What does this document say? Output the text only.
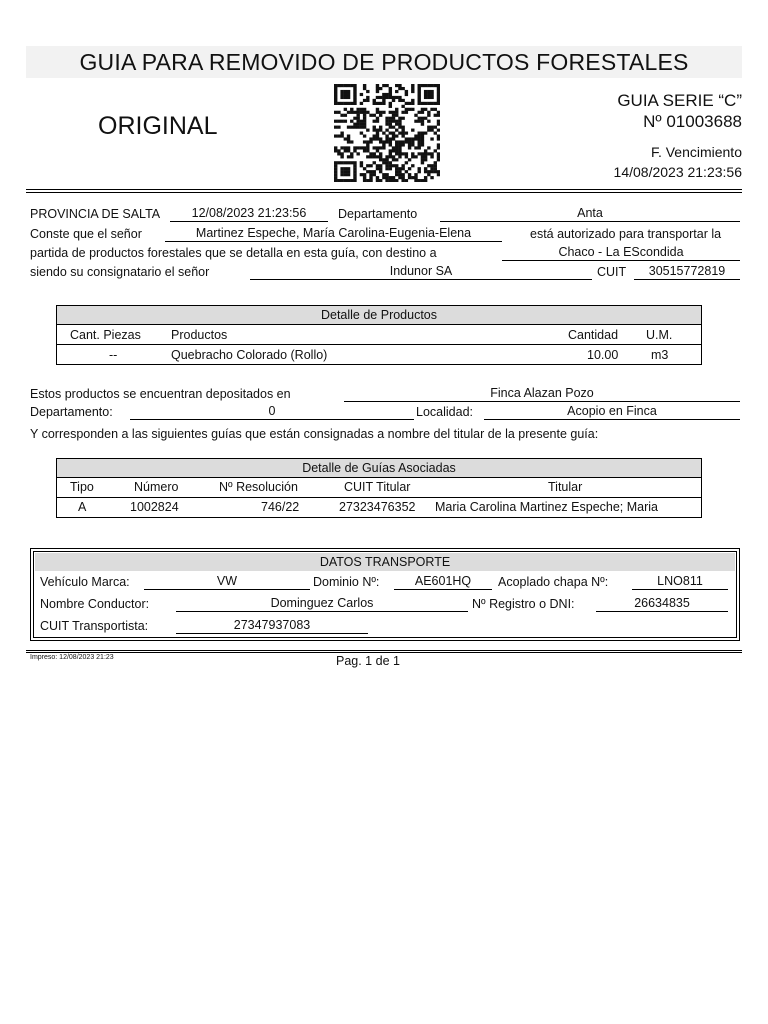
GUIA PARA REMOVIDO DE PRODUCTOS FORESTALES
ORIGINAL
GUIA SERIE “C”
Nº 01003688
F. Vencimiento
14/08/2023 21:23:56
PROVINCIA DE SALTA	12/08/2023 21:23:56	Departamento	Anta
Conste que el señor	Martinez Espeche, María Carolina-Eugenia-Elena	está autorizado para transportar la
partida de productos forestales que se detalla en esta guía, con destino a	Chaco - La EScondida
siendo su consignatario el señor	Indunor SA	CUIT	30515772819
Detalle de Productos
Cant. Piezas Productos	Cantidad U.M.
--	Quebracho Colorado (Rollo)	10.00	m3
Estos productos se encuentran depositados en	Finca Alazan Pozo
Departamento:	0	Localidad:	Acopio en Finca
Y corresponden a las siguientes guías que están consignadas a nombre del titular de la presente guía:
Detalle de Guías Asociadas
Tipo	Número	Nº Resolución	CUIT Titular	Titular
A	1002824	746/22	27323476352 Maria Carolina Martinez Espeche; Maria
DATOS TRANSPORTE
Vehículo Marca:	VW	Dominio Nº:	AE601HQ	Acoplado chapa Nº:	LNO811
Nombre Conductor:	Dominguez Carlos	Nº Registro o DNI:	26634835
CUIT Transportista:	27347937083
Impreso: 12/08/2023 21:23	Pag. 1 de 1
